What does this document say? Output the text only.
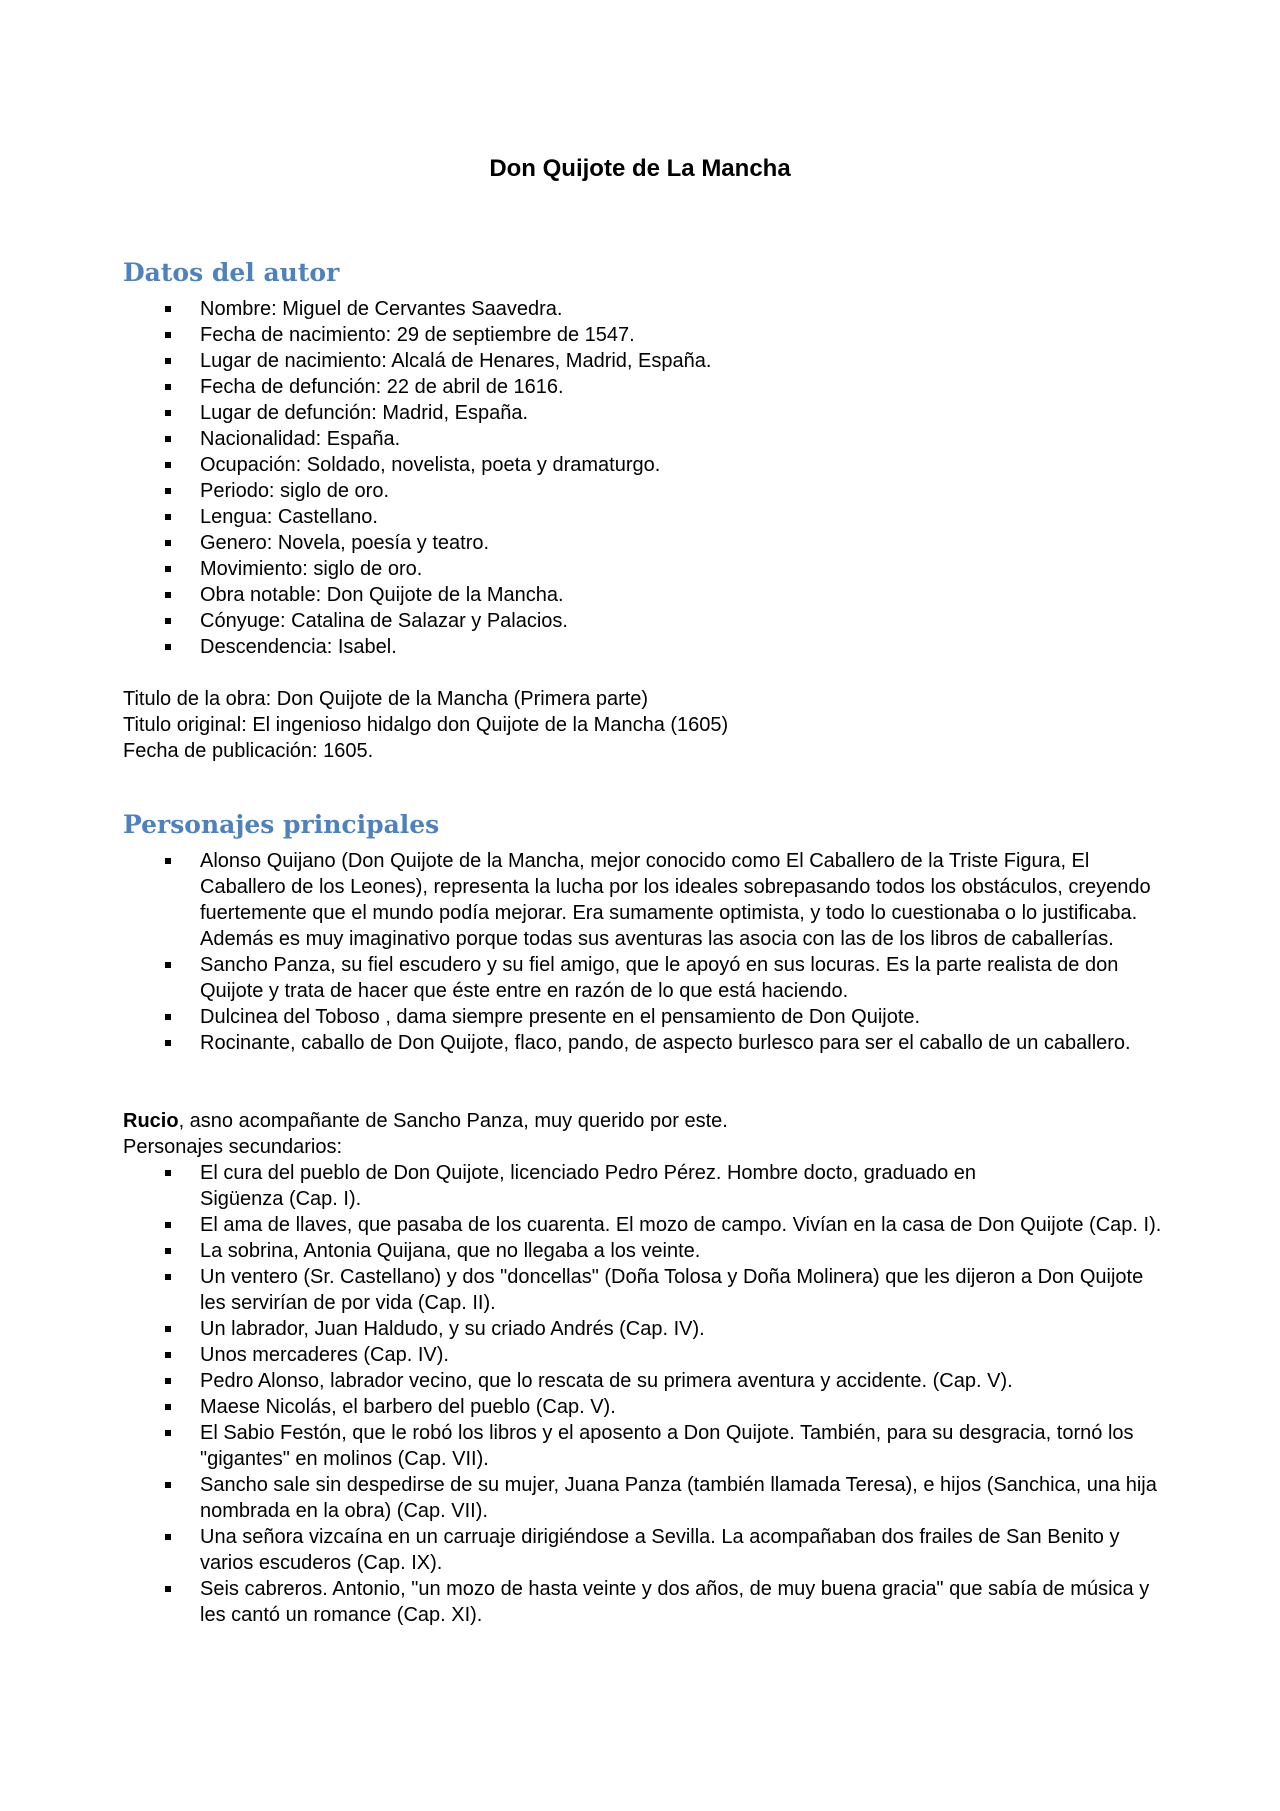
Don Quijote de La Mancha
Datos del autor
Nombre: Miguel de Cervantes Saavedra.
Fecha de nacimiento: 29 de septiembre de 1547.
Lugar de nacimiento: Alcalá de Henares, Madrid, España.
Fecha de defunción: 22 de abril de 1616.
Lugar de defunción: Madrid, España.
Nacionalidad: España.
Ocupación: Soldado, novelista, poeta y dramaturgo.
Periodo: siglo de oro.
Lengua: Castellano.
Genero: Novela, poesía y teatro.
Movimiento: siglo de oro.
Obra notable: Don Quijote de la Mancha.
Cónyuge: Catalina de Salazar y Palacios.
Descendencia: Isabel.

Titulo de la obra: Don Quijote de la Mancha (Primera parte)

Titulo original: El ingenioso hidalgo don Quijote de la Mancha (1605)

Fecha de publicación: 1605.

Personajes principales
Alonso Quijano (Don Quijote de la Mancha, mejor conocido como El Caballero de la Triste Figura, El Caballero de los Leones), representa la lucha por los ideales sobrepasando todos los obstáculos, creyendo fuertemente que el mundo podía mejorar. Era sumamente optimista, y todo lo cuestionaba o lo justificaba. Además es muy imaginativo porque todas sus aventuras las asocia con las de los libros de caballerías.
Sancho Panza, su fiel escudero y su fiel amigo, que le apoyó en sus locuras. Es la parte realista de don Quijote y trata de hacer que éste entre en razón de lo que está haciendo.
Dulcinea del Toboso , dama siempre presente en el pensamiento de Don Quijote.
Rocinante, caballo de Don Quijote, flaco, pando, de aspecto burlesco para ser el caballo de un caballero.

Rucio, asno acompañante de Sancho Panza, muy querido por este.

Personajes secundarios:

El cura del pueblo de Don Quijote, licenciado Pedro Pérez. Hombre docto, graduado en Sigüenza (Cap. I).
El ama de llaves, que pasaba de los cuarenta. El mozo de campo. Vivían en la casa de Don Quijote (Cap. I).
La sobrina, Antonia Quijana, que no llegaba a los veinte.
Un ventero (Sr. Castellano) y dos "doncellas" (Doña Tolosa y Doña Molinera) que les dijeron a Don Quijote les servirían de por vida (Cap. II).
Un labrador, Juan Haldudo, y su criado Andrés (Cap. IV).
Unos mercaderes (Cap. IV).
Pedro Alonso, labrador vecino, que lo rescata de su primera aventura y accidente. (Cap. V).
Maese Nicolás, el barbero del pueblo (Cap. V).
El Sabio Festón, que le robó los libros y el aposento a Don Quijote. También, para su desgracia, tornó los "gigantes" en molinos (Cap. VII).
Sancho sale sin despedirse de su mujer, Juana Panza (también llamada Teresa), e hijos (Sanchica, una hija nombrada en la obra) (Cap. VII).
Una señora vizcaína en un carruaje dirigiéndose a Sevilla. La acompañaban dos frailes de San Benito y varios escuderos (Cap. IX).
Seis cabreros. Antonio, "un mozo de hasta veinte y dos años, de muy buena gracia" que sabía de música y les cantó un romance (Cap. XI).
